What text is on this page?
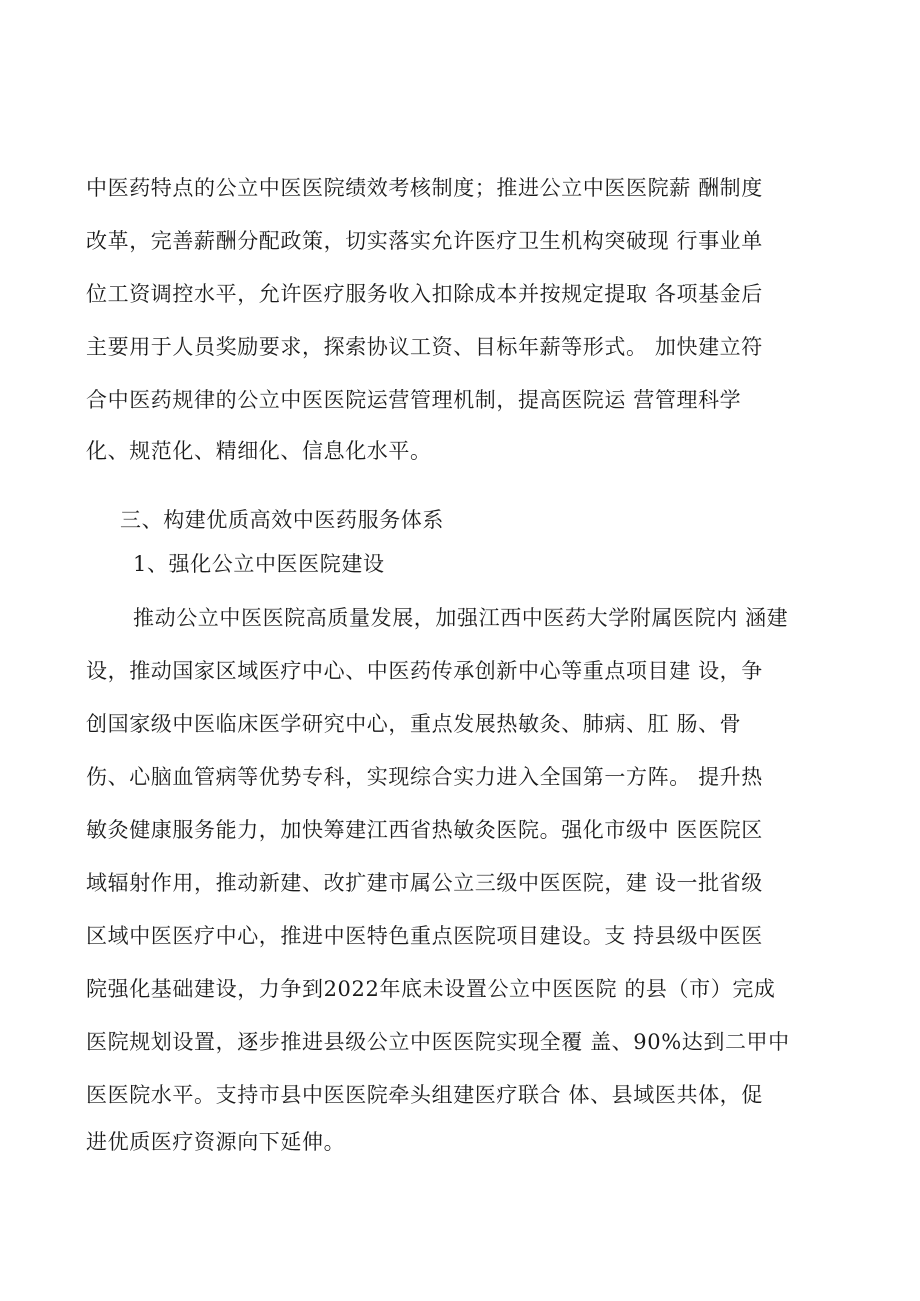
中医药特点的公立中医医院绩效考核制度；推进公立中医医院薪 酬制度
改革，完善薪酬分配政策，切实落实允许医疗卫生机构突破现 行事业单
位工资调控水平，允许医疗服务收入扣除成本并按规定提取 各项基金后
主要用于人员奖励要求，探索协议工资、目标年薪等形式。 加快建立符
合中医药规律的公立中医医院运营管理机制，提高医院运 营管理科学
化、规范化、精细化、信息化水平。
三、构建优质高效中医药服务体系
1、强化公立中医医院建设
推动公立中医医院高质量发展，加强江西中医药大学附属医院内 涵建
设，推动国家区域医疗中心、中医药传承创新中心等重点项目建 设，争
创国家级中医临床医学研究中心，重点发展热敏灸、肺病、肛 肠、骨
伤、心脑血管病等优势专科，实现综合实力进入全国第一方阵。 提升热
敏灸健康服务能力，加快筹建江西省热敏灸医院。强化市级中 医医院区
域辐射作用，推动新建、改扩建市属公立三级中医医院，建 设一批省级
区域中医医疗中心，推进中医特色重点医院项目建设。支 持县级中医医
院强化基础建设，力争到2022年底未设置公立中医医院 的县（市）完成
医院规划设置，逐步推进县级公立中医医院实现全覆 盖、90%达到二甲中
医医院水平。支持市县中医医院牵头组建医疗联合 体、县域医共体，促
进优质医疗资源向下延伸。
